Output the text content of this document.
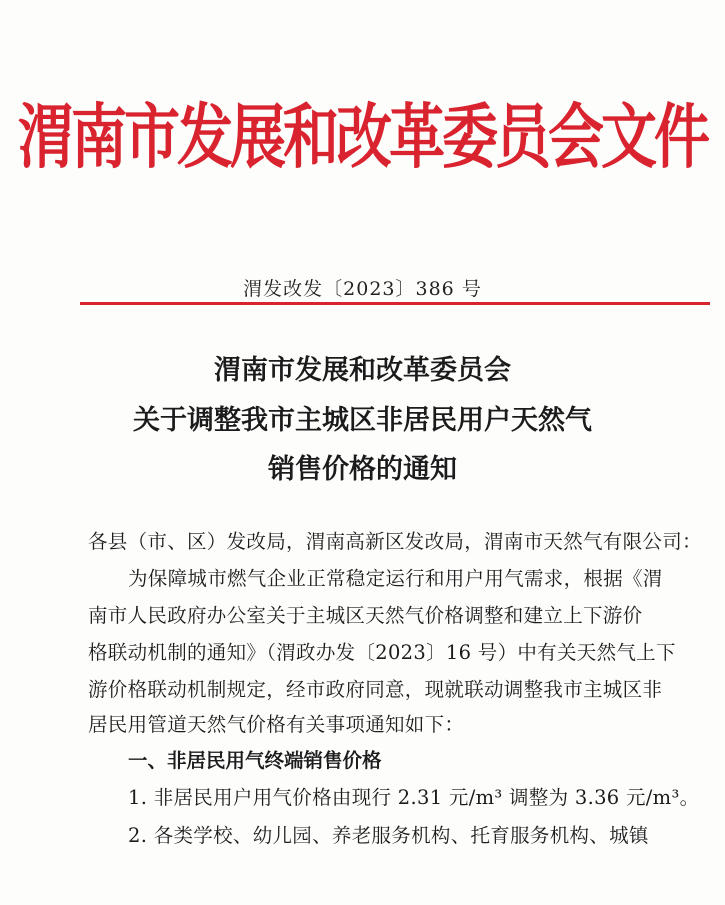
渭南市发展和改革委员会文件
渭发改发〔2023〕386 号
渭南市发展和改革委员会
关于调整我市主城区非居民用户天然气
销售价格的通知
各县（市、区）发改局，渭南高新区发改局，渭南市天然气有限公司：
为保障城市燃气企业正常稳定运行和用户用气需求，根据《渭
南市人民政府办公室关于主城区天然气价格调整和建立上下游价
格联动机制的通知》（渭政办发〔2023〕16 号）中有关天然气上下
游价格联动机制规定，经市政府同意，现就联动调整我市主城区非
居民用管道天然气价格有关事项通知如下：
一、非居民用气终端销售价格
1. 非居民用户用气价格由现行 2.31 元/m³ 调整为 3.36 元/m³。
2. 各类学校、幼儿园、养老服务机构、托育服务机构、城镇
